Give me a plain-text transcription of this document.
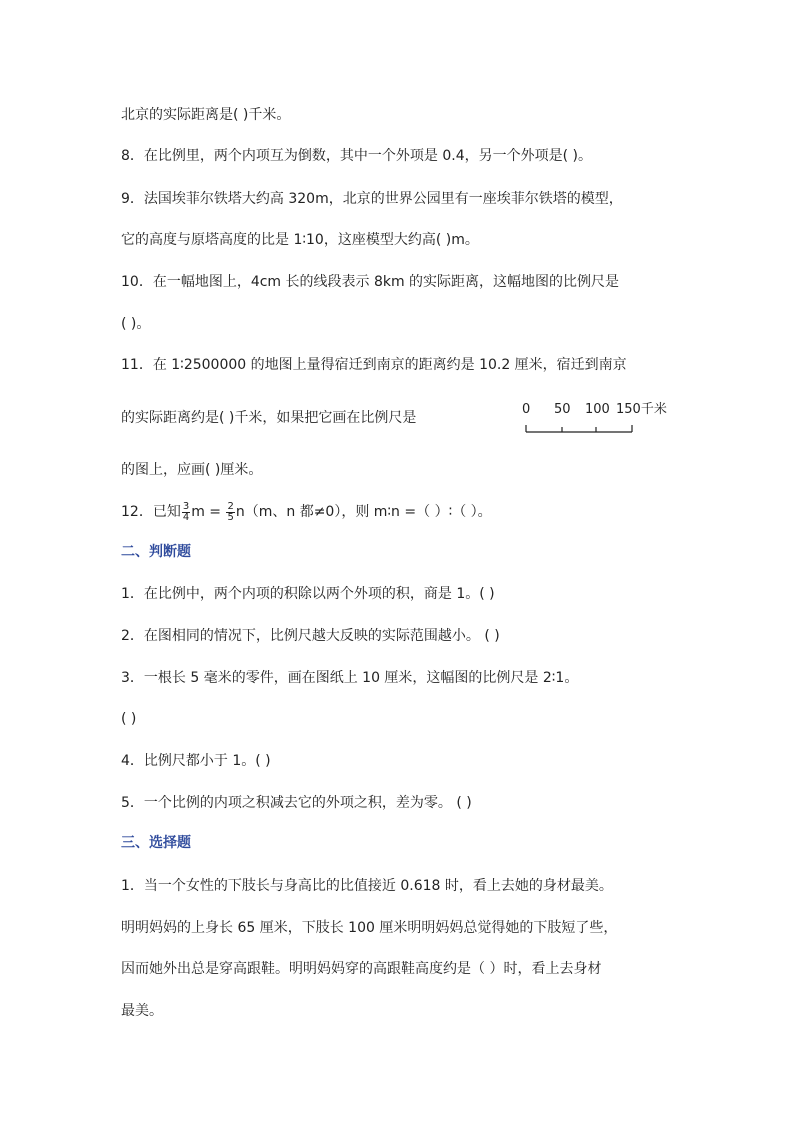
北京的实际距离是( )千米。
8．在比例里，两个内项互为倒数，其中一个外项是 0.4，另一个外项是( )。
9．法国埃菲尔铁塔大约高 320m，北京的世界公园里有一座埃菲尔铁塔的模型，
它的高度与原塔高度的比是 1∶10，这座模型大约高( )m。
10．在一幅地图上，4cm 长的线段表示 8km 的实际距离，这幅地图的比例尺是
( )。
11．在 1∶2500000 的地图上量得宿迁到南京的距离约是 10.2 厘米，宿迁到南京
的实际距离约是( )千米，如果把它画在比例尺是
0 50 100 150千米
的图上，应画( )厘米。
12．已知 $\frac{3}{4}$ $m = \frac{2}{5} n(m$、n 都≠0），则 m∶n =（ ）∶（ ）。
二、判断题
1．在比例中，两个内项的积除以两个外项的积，商是 1。( )
2．在图相同的情况下，比例尺越大反映的实际范围越小。 ( )
3．一根长 5 毫米的零件，画在图纸上 10 厘米，这幅图的比例尺是 2∶1。
( )
4．比例尺都小于 1。( )
5．一个比例的内项之积减去它的外项之积，差为零。 ( )
三、选择题
1．当一个女性的下肢长与身高比的比值接近 0.618 时，看上去她的身材最美。
明明妈妈的上身长 65 厘米，下肢长 100 厘米明明妈妈总觉得她的下肢短了些，
因而她外出总是穿高跟鞋。明明妈妈穿的高跟鞋高度约是（ ）时，看上去身材
最美。
